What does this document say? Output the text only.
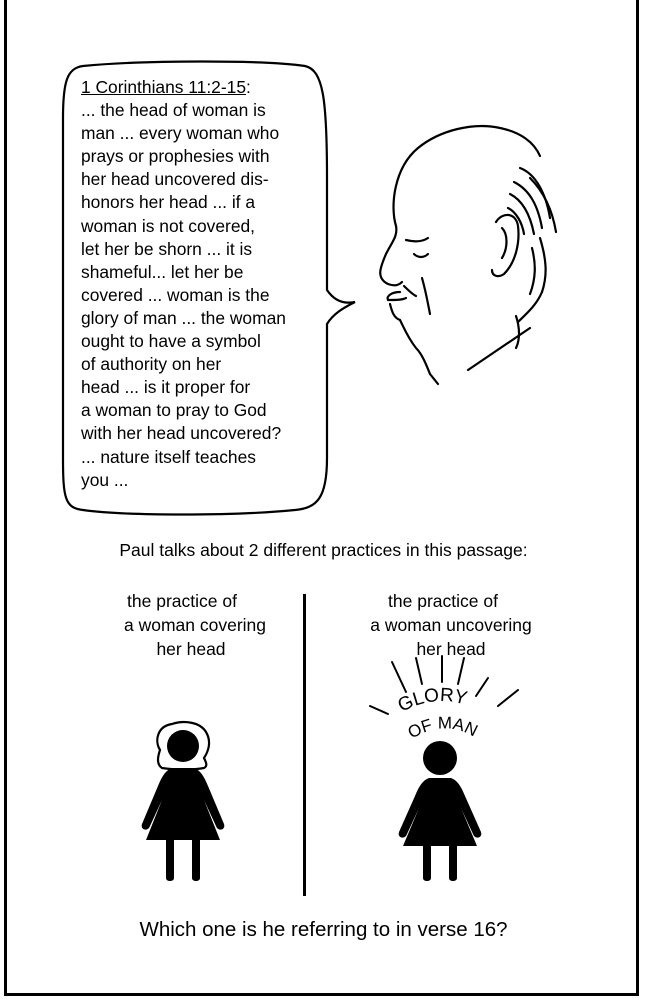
1 Corinthians 11:2-15:
... the head of woman is
man ... every woman who
prays or prophesies with
her head uncovered dis-
honors her head ... if a
woman is not covered,
let her be shorn ... it is
shameful... let her be
covered ... woman is the
glory of man ... the woman
ought to have a symbol
of authority on her
head ... is it proper for
a woman to pray to God
with her head uncovered?
... nature itself teaches
you ...
Paul talks about 2 different practices in this passage:
the practice of
a woman covering
her head
the practice of
a woman uncovering
her head
GLORY
OF MAN
Which one is he referring to in verse 16?
